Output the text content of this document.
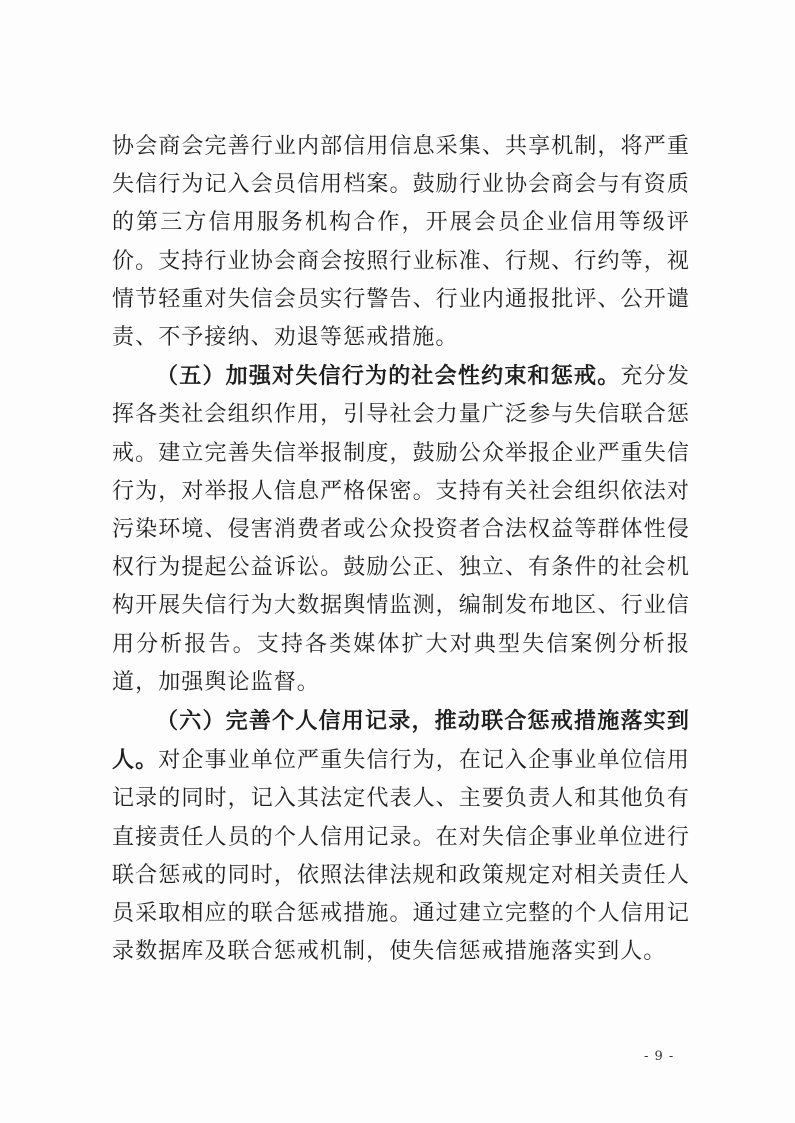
协会商会完善行业内部信用信息采集、共享机制，将严重失信行为记入会员信用档案。鼓励行业协会商会与有资质的第三方信用服务机构合作，开展会员企业信用等级评价。支持行业协会商会按照行业标准、行规、行约等，视情节轻重对失信会员实行警告、行业内通报批评、公开谴责、不予接纳、劝退等惩戒措施。

（五）加强对失信行为的社会性约束和惩戒。充分发挥各类社会组织作用，引导社会力量广泛参与失信联合惩戒。建立完善失信举报制度，鼓励公众举报企业严重失信行为，对举报人信息严格保密。支持有关社会组织依法对污染环境、侵害消费者或公众投资者合法权益等群体性侵权行为提起公益诉讼。鼓励公正、独立、有条件的社会机构开展失信行为大数据舆情监测，编制发布地区、行业信用分析报告。支持各类媒体扩大对典型失信案例分析报道，加强舆论监督。

（六）完善个人信用记录，推动联合惩戒措施落实到人。对企事业单位严重失信行为，在记入企事业单位信用记录的同时，记入其法定代表人、主要负责人和其他负有直接责任人员的个人信用记录。在对失信企事业单位进行联合惩戒的同时，依照法律法规和政策规定对相关责任人员采取相应的联合惩戒措施。通过建立完整的个人信用记录数据库及联合惩戒机制，使失信惩戒措施落实到人。

- 9 -
